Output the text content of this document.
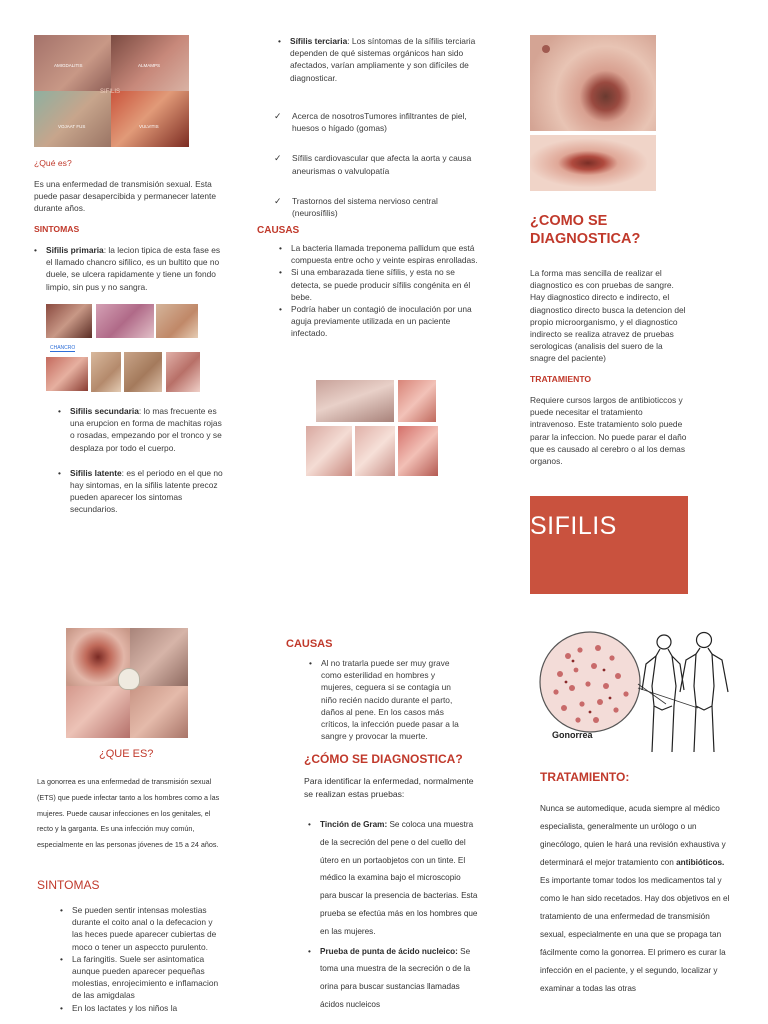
AMIGDALITIS	ALMAMPS
SIFILIS
VOJAAT FUS	VULVITIS
¿Qué es?
Es una enfermedad de transmisión sexual. Esta puede pasar desapercibida y permanecer latente durante años.
SINTOMAS
• Sifilis primaria: la lecion tipica de esta fase es el llamado chancro sifilico, es un bultito que no duele, se ulcera rapidamente y tiene un fondo limpio, sin pus y no sangra.
CHANCRO
• Sifilis secundaria: lo mas frecuente es una erupcion en forma de machitas rojas o rosadas, empezando por el tronco y se desplaza por todo el cuerpo.
• Sifilis latente: es el periodo en el que no hay sintomas, en la sifilis latente precoz pueden aparecer los sintomas secundarios.
• Sífilis terciaria: Los síntomas de la sífilis terciaria dependen de qué sistemas orgánicos han sido afectados, varían ampliamente y son difíciles de diagnosticar.
✓ Acerca de nosotrosTumores infiltrantes de piel, huesos o hígado (gomas)
✓ Sífilis cardiovascular que afecta la aorta y causa aneurismas o valvulopatía
✓ Trastornos del sistema nervioso central (neurosífilis)
CAUSAS
• La bacteria llamada treponema pallidum que está compuesta entre ocho y veinte espiras enrolladas.
• Si una embarazada tiene sífilis, y esta no se detecta, se puede producir sífilis congénita en él bebe.
• Podría haber un contagió de inoculación por una aguja previamente utilizada en un paciente infectado.
¿COMO SE DIAGNOSTICA?
La forma mas sencilla de realizar el diagnostico es con pruebas de sangre. Hay diagnostico directo e indirecto, el diagnostico directo busca la detencion del propio microorganismo, y el diagnostico indirecto se realiza atravez de pruebas serologicas (analisis del suero de la snagre del paciente)
TRATAMIENTO
Requiere cursos largos de antibioticcos y puede necesitar el tratamiento intravenoso. Este tratamiento solo puede parar la infeccion. No puede parar el daño que es causado al cerebro o al los demas organos.
SIFILIS
¿QUE ES?
La gonorrea es una enfermedad de transmisión sexual (ETS) que puede infectar tanto a los hombres como a las mujeres. Puede causar infecciones en los genitales, el recto y la garganta. Es una infección muy común, especialmente en las personas jóvenes de 15 a 24 años.
SINTOMAS
• Se pueden sentir intensas molestias durante el coito anal o la defecacion y las heces puede aparecer cubiertas de moco o tener un aspeccto purulento.
• La faringitis. Suele ser asintomatica aunque pueden aparecer pequeñas molestias, enrojecimiento e inflamacion de las amigdalas
• En los lactates y los niños la
CAUSAS
• Al no tratarla puede ser muy grave como esterilidad en hombres y mujeres, ceguera si se contagia un niño recién nacido durante el parto, daños al pene. En los casos más críticos, la infección puede pasar a la sangre y provocar la muerte.
¿CÓMO SE DIAGNOSTICA?
Para identificar la enfermedad, normalmente se realizan estas pruebas:
• Tinción de Gram: Se coloca una muestra de la secreción del pene o del cuello del útero en un portaobjetos con un tinte. El médico la examina bajo el microscopio para buscar la presencia de bacterias. Esta prueba se efectúa más en los hombres que en las mujeres.
• Prueba de punta de ácido nucleico: Se toma una muestra de la secreción o de la orina para buscar sustancias llamadas ácidos nucleicos
Gonorrea
TRATAMIENTO:
Nunca se automedique, acuda siempre al médico especialista, generalmente un urólogo o un ginecólogo, quien le hará una revisión exhaustiva y determinará el mejor tratamiento con antibióticos.
Es importante tomar todos los medicamentos tal y como le han sido recetados. Hay dos objetivos en el tratamiento de una enfermedad de transmisión sexual, especialmente en una que se propaga tan fácilmente como la gonorrea. El primero es curar la infección en el paciente, y el segundo, localizar y examinar a todas las otras
